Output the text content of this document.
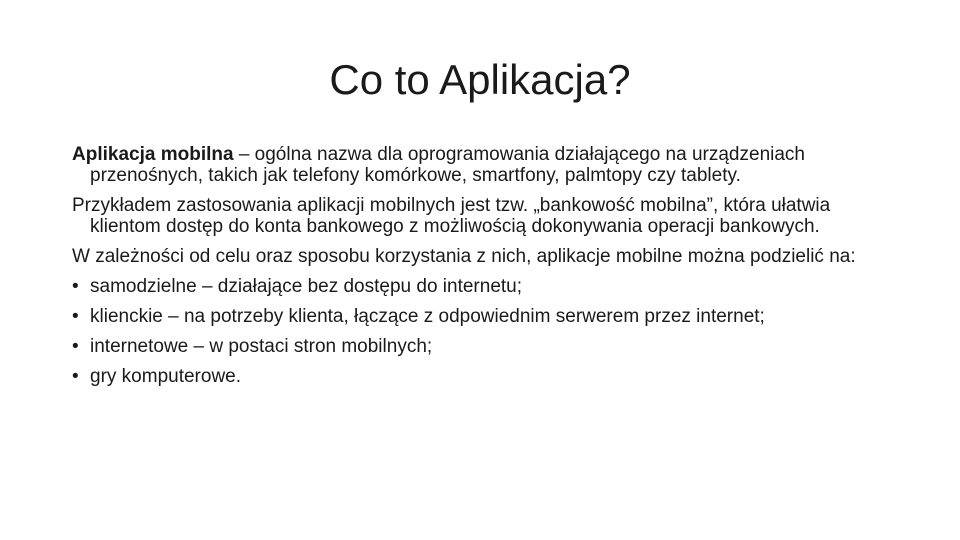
Co to Aplikacja?

Aplikacja mobilna – ogólna nazwa dla oprogramowania działającego na urządzeniach przenośnych, takich jak telefony komórkowe, smartfony, palmtopy czy tablety.

Przykładem zastosowania aplikacji mobilnych jest tzw. „bankowość mobilna”, która ułatwia klientom dostęp do konta bankowego z możliwością dokonywania operacji bankowych.

W zależności od celu oraz sposobu korzystania z nich, aplikacje mobilne można podzielić na:

• samodzielne – działające bez dostępu do internetu;
• klienckie – na potrzeby klienta, łączące z odpowiednim serwerem przez internet;
• internetowe – w postaci stron mobilnych;
• gry komputerowe.
